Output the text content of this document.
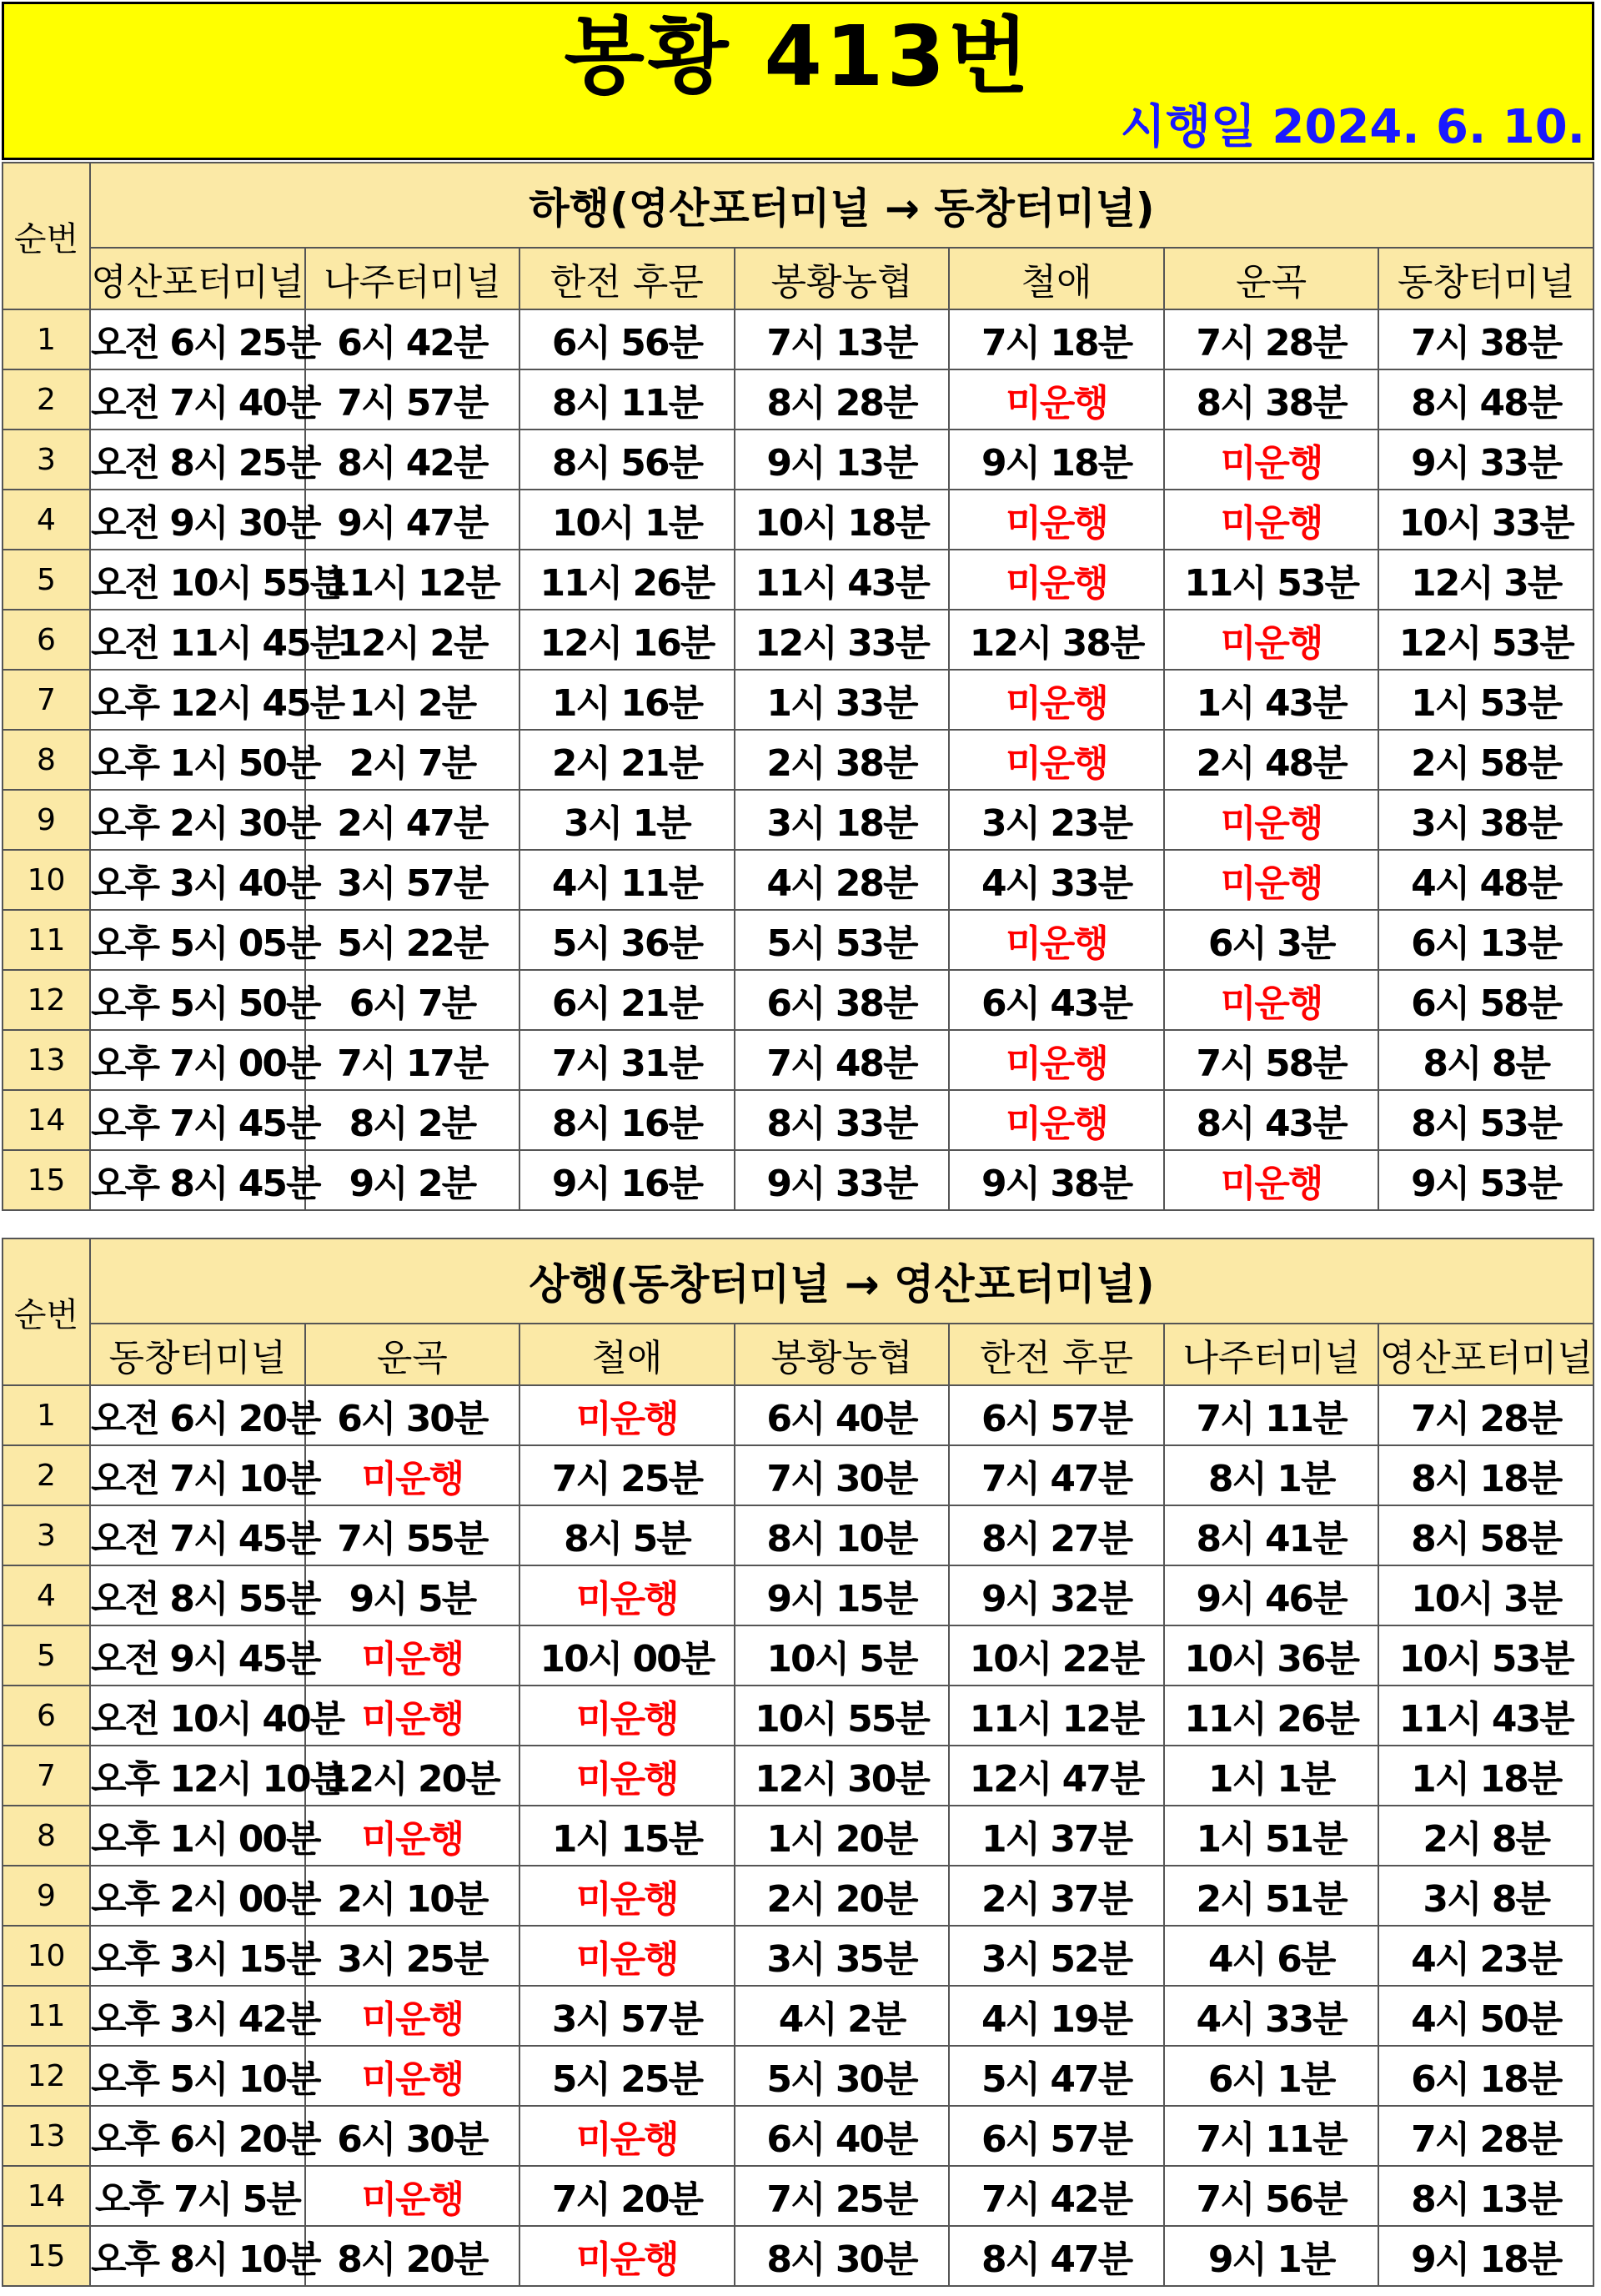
봉황 413번
시행일 2024. 6. 10.
순번	하행(영산포터미널 → 동창터미널)						
	영산포터미널	나주터미널	한전 후문	봉황농협	철애	운곡	동창터미널
1	오전 6시 25분	6시 42분	6시 56분	7시 13분	7시 18분	7시 28분	7시 38분
2	오전 7시 40분	7시 57분	8시 11분	8시 28분	미운행	8시 38분	8시 48분
3	오전 8시 25분	8시 42분	8시 56분	9시 13분	9시 18분	미운행	9시 33분
4	오전 9시 30분	9시 47분	10시 1분	10시 18분	미운행	미운행	10시 33분
5	오전 10시 55분	11시 12분	11시 26분	11시 43분	미운행	11시 53분	12시 3분
6	오전 11시 45분	12시 2분	12시 16분	12시 33분	12시 38분	미운행	12시 53분
7	오후 12시 45분	1시 2분	1시 16분	1시 33분	미운행	1시 43분	1시 53분
8	오후 1시 50분	2시 7분	2시 21분	2시 38분	미운행	2시 48분	2시 58분
9	오후 2시 30분	2시 47분	3시 1분	3시 18분	3시 23분	미운행	3시 38분
10	오후 3시 40분	3시 57분	4시 11분	4시 28분	4시 33분	미운행	4시 48분
11	오후 5시 05분	5시 22분	5시 36분	5시 53분	미운행	6시 3분	6시 13분
12	오후 5시 50분	6시 7분	6시 21분	6시 38분	6시 43분	미운행	6시 58분
13	오후 7시 00분	7시 17분	7시 31분	7시 48분	미운행	7시 58분	8시 8분
14	오후 7시 45분	8시 2분	8시 16분	8시 33분	미운행	8시 43분	8시 53분
15	오후 8시 45분	9시 2분	9시 16분	9시 33분	9시 38분	미운행	9시 53분
순번	상행(동창터미널 → 영산포터미널)						
	동창터미널	운곡	철애	봉황농협	한전 후문	나주터미널	영산포터미널
1	오전 6시 20분	6시 30분	미운행	6시 40분	6시 57분	7시 11분	7시 28분
2	오전 7시 10분	미운행	7시 25분	7시 30분	7시 47분	8시 1분	8시 18분
3	오전 7시 45분	7시 55분	8시 5분	8시 10분	8시 27분	8시 41분	8시 58분
4	오전 8시 55분	9시 5분	미운행	9시 15분	9시 32분	9시 46분	10시 3분
5	오전 9시 45분	미운행	10시 00분	10시 5분	10시 22분	10시 36분	10시 53분
6	오전 10시 40분	미운행	미운행	10시 55분	11시 12분	11시 26분	11시 43분
7	오후 12시 10분	12시 20분	미운행	12시 30분	12시 47분	1시 1분	1시 18분
8	오후 1시 00분	미운행	1시 15분	1시 20분	1시 37분	1시 51분	2시 8분
9	오후 2시 00분	2시 10분	미운행	2시 20분	2시 37분	2시 51분	3시 8분
10	오후 3시 15분	3시 25분	미운행	3시 35분	3시 52분	4시 6분	4시 23분
11	오후 3시 42분	미운행	3시 57분	4시 2분	4시 19분	4시 33분	4시 50분
12	오후 5시 10분	미운행	5시 25분	5시 30분	5시 47분	6시 1분	6시 18분
13	오후 6시 20분	6시 30분	미운행	6시 40분	6시 57분	7시 11분	7시 28분
14	오후 7시 5분	미운행	7시 20분	7시 25분	7시 42분	7시 56분	8시 13분
15	오후 8시 10분	8시 20분	미운행	8시 30분	8시 47분	9시 1분	9시 18분
